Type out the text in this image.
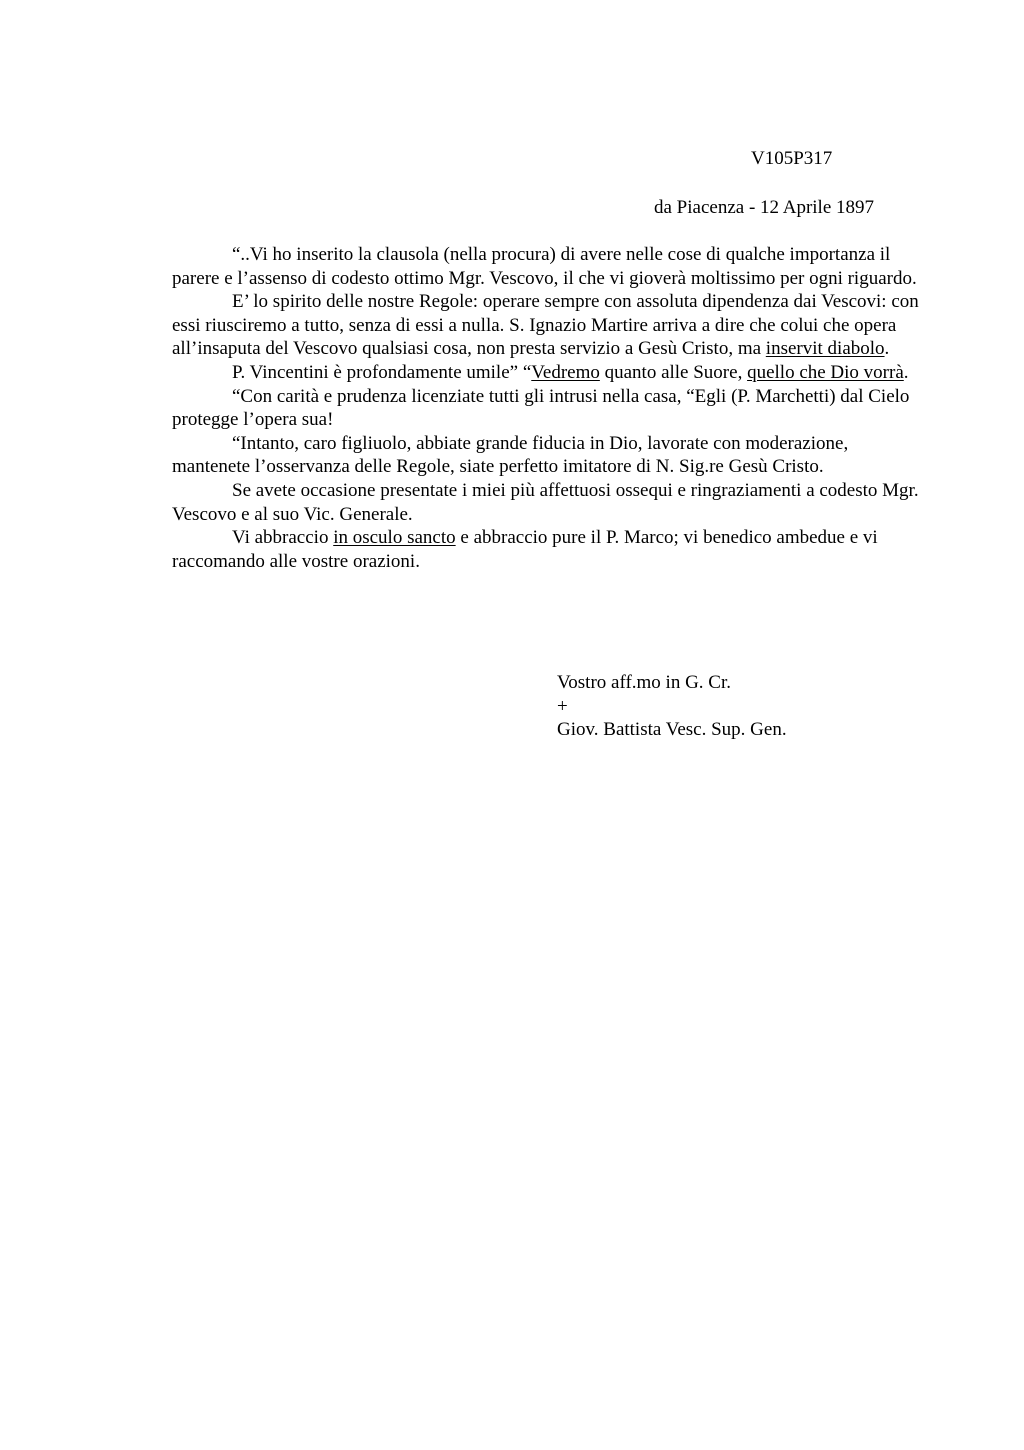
V105P317
da Piacenza - 12 Aprile 1897

“..Vi ho inserito la clausola (nella procura) di avere nelle cose di qualche importanza il parere e l’assenso di codesto ottimo Mgr. Vescovo, il che vi gioverà moltissimo per ogni riguardo.

E’ lo spirito delle nostre Regole: operare sempre con assoluta dipendenza dai Vescovi: con essi riusciremo a tutto, senza di essi a nulla. S. Ignazio Martire arriva a dire che colui che opera all’insaputa del Vescovo qualsiasi cosa, non presta servizio a Gesù Cristo, ma inservit diabolo.

P. Vincentini è profondamente umile” “Vedremo quanto alle Suore, quello che Dio vorrà.

“Con carità e prudenza licenziate tutti gli intrusi nella casa, “Egli (P. Marchetti) dal Cielo protegge l’opera sua!

“Intanto, caro figliuolo, abbiate grande fiducia in Dio, lavorate con moderazione, mantenete l’osservanza delle Regole, siate perfetto imitatore di N. Sig.re Gesù Cristo.

Se avete occasione presentate i miei più affettuosi ossequi e ringraziamenti a codesto Mgr. Vescovo e al suo Vic. Generale.

Vi abbraccio in osculo sancto e abbraccio pure il P. Marco; vi benedico ambedue e vi raccomando alle vostre orazioni.

Vostro aff.mo in G. Cr.
+
Giov. Battista Vesc. Sup. Gen.
